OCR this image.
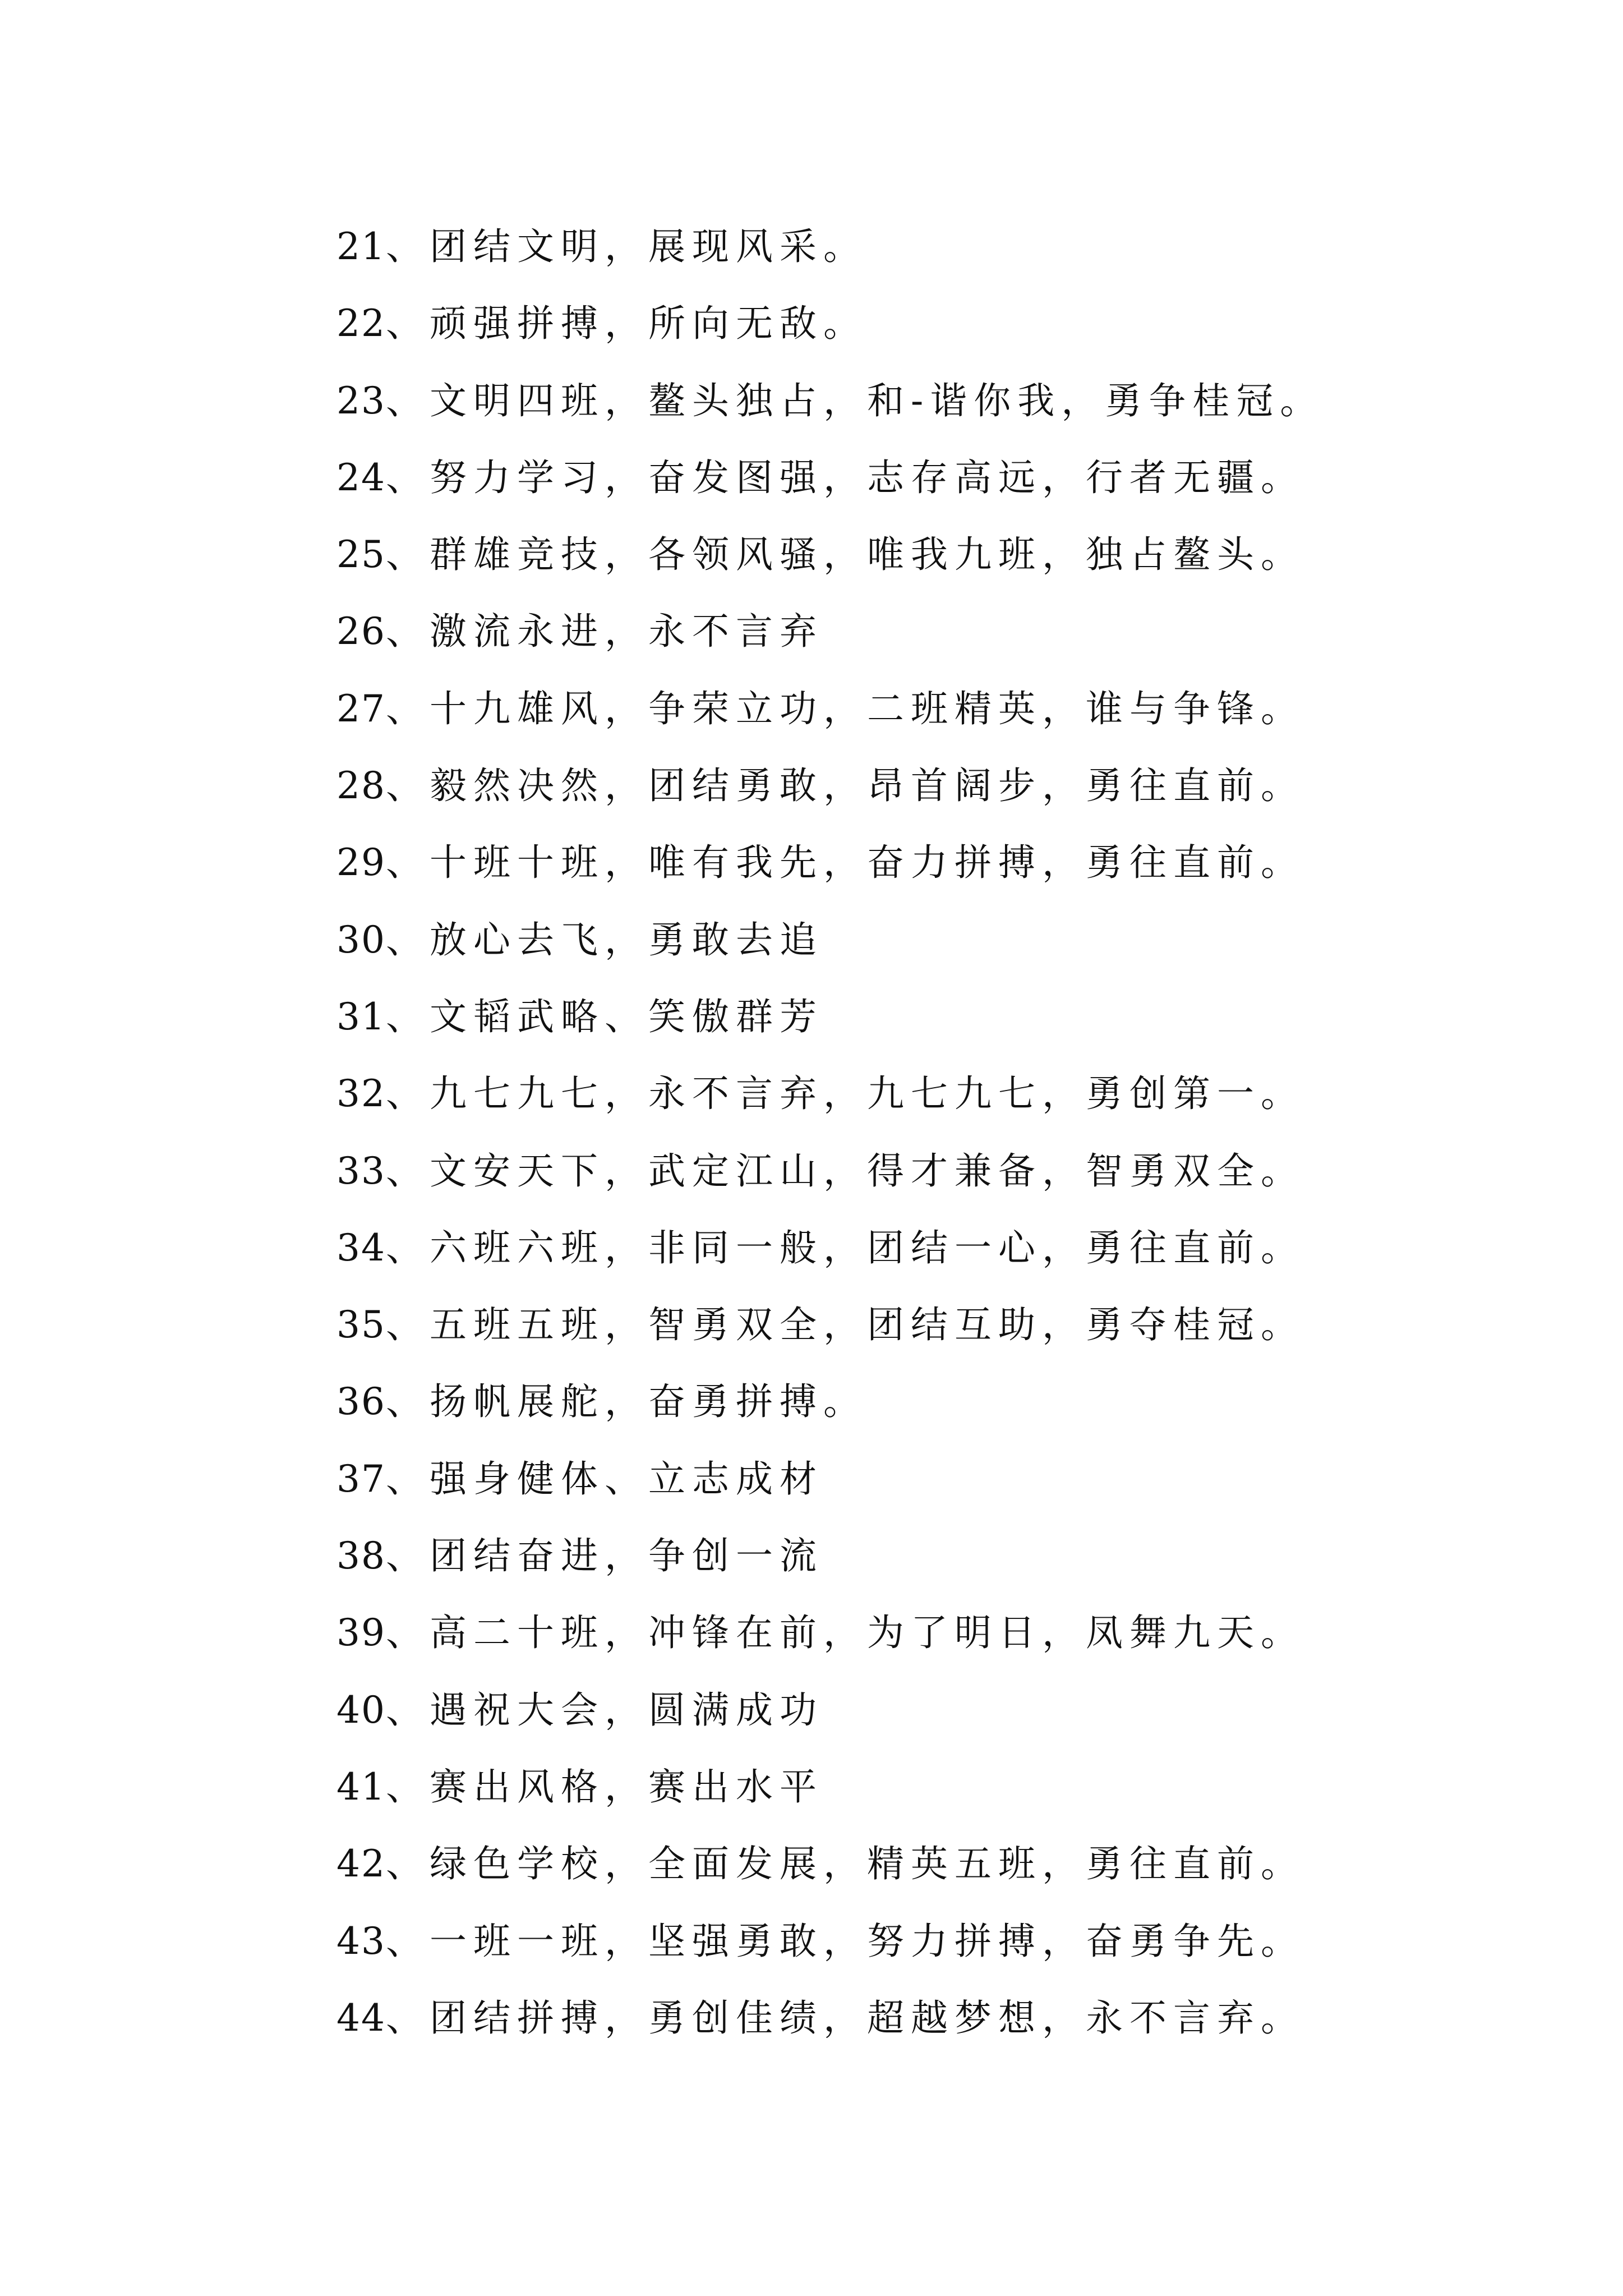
21、团结文明，展现风采。
22、顽强拼搏，所向无敌。
23、文明四班，鳌头独占，和-谐你我，勇争桂冠。
24、努力学习，奋发图强，志存高远，行者无疆。
25、群雄竞技，各领风骚，唯我九班，独占鳌头。
26、激流永进，永不言弃
27、十九雄风，争荣立功，二班精英，谁与争锋。
28、毅然决然，团结勇敢，昂首阔步，勇往直前。
29、十班十班，唯有我先，奋力拼搏，勇往直前。
30、放心去飞，勇敢去追
31、文韬武略、笑傲群芳
32、九七九七，永不言弃，九七九七，勇创第一。
33、文安天下，武定江山，得才兼备，智勇双全。
34、六班六班，非同一般，团结一心，勇往直前。
35、五班五班，智勇双全，团结互助，勇夺桂冠。
36、扬帆展舵，奋勇拼搏。
37、强身健体、立志成材
38、团结奋进，争创一流
39、高二十班，冲锋在前，为了明日，凤舞九天。
40、遇祝大会，圆满成功
41、赛出风格，赛出水平
42、绿色学校，全面发展，精英五班，勇往直前。
43、一班一班，坚强勇敢，努力拼搏，奋勇争先。
44、团结拼搏，勇创佳绩，超越梦想，永不言弃。
